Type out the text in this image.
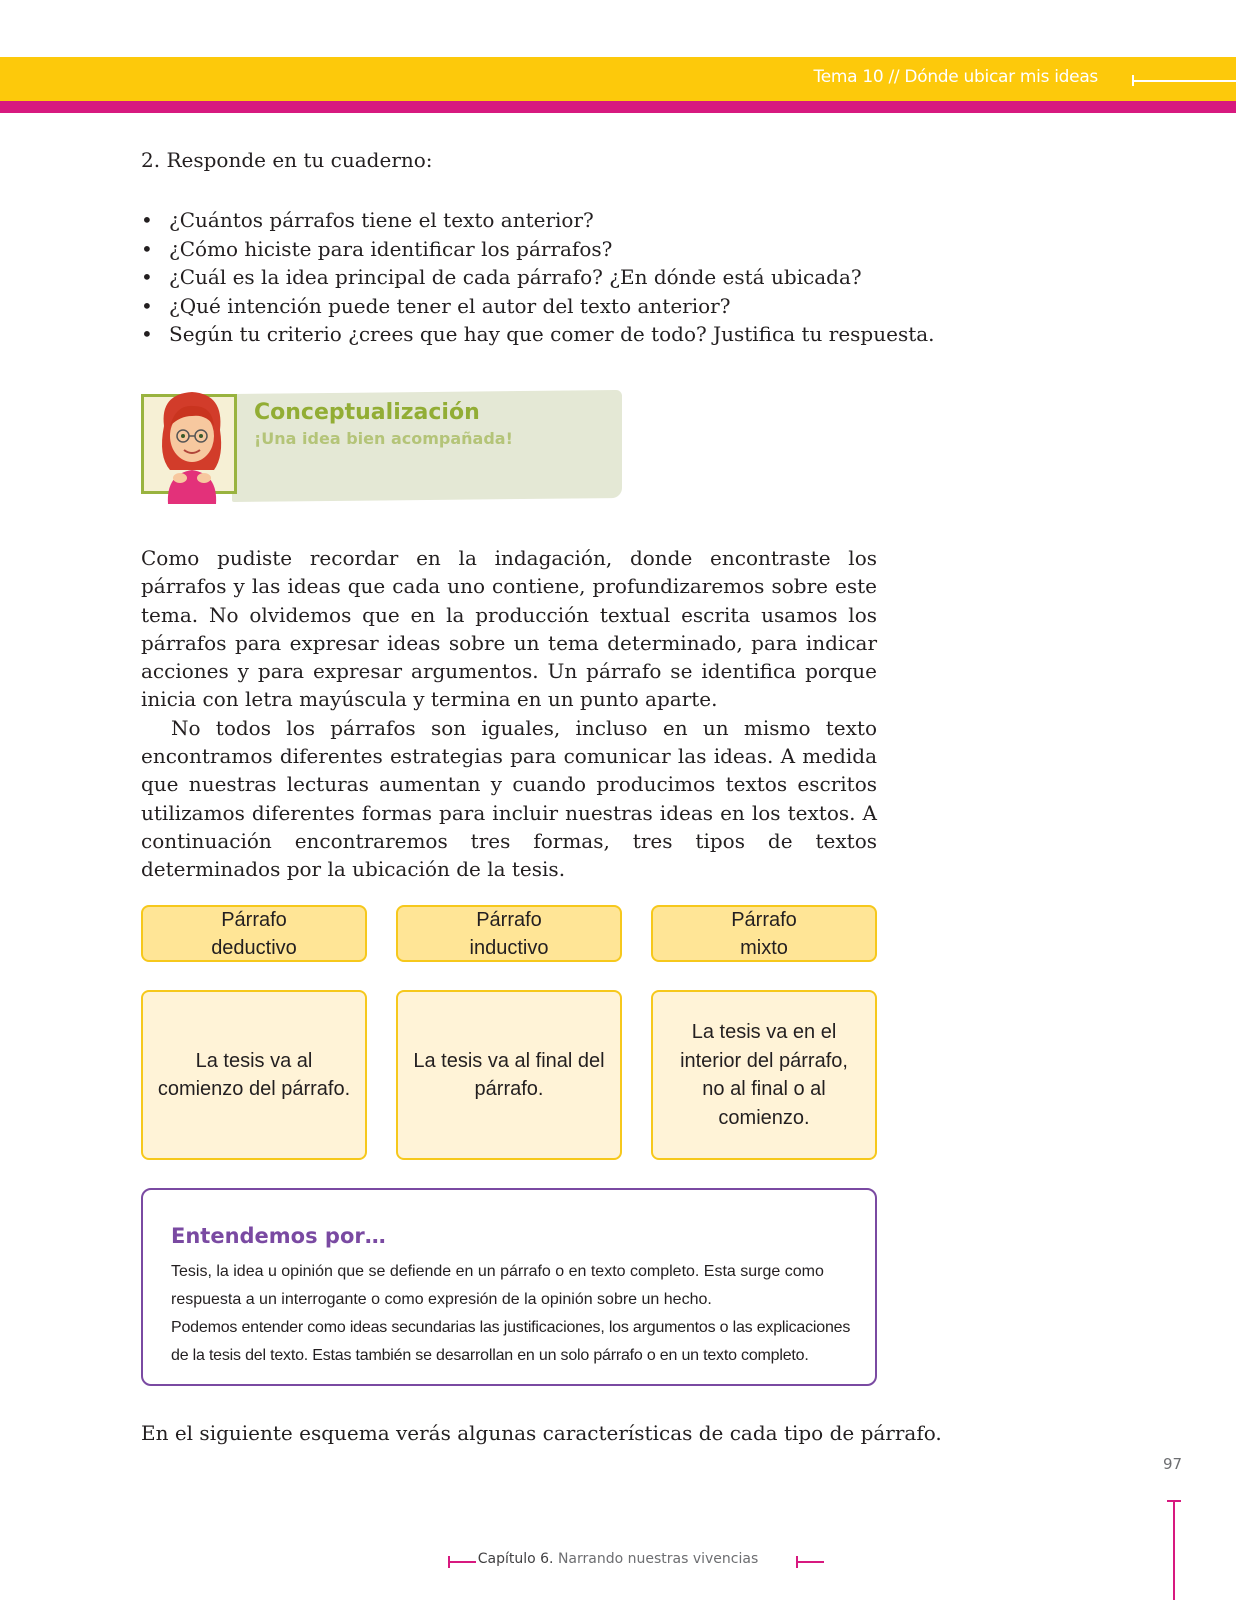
Tema 10 // Dónde ubicar mis ideas
2. Responde en tu cuaderno:
• ¿Cuántos párrafos tiene el texto anterior?
• ¿Cómo hiciste para identificar los párrafos?
• ¿Cuál es la idea principal de cada párrafo? ¿En dónde está ubicada?
• ¿Qué intención puede tener el autor del texto anterior?
• Según tu criterio ¿crees que hay que comer de todo? Justifica tu respuesta.
Conceptualización
¡Una idea bien acompañada!

Como pudiste recordar en la indagación, donde encontraste los párrafos y las ideas que cada uno contiene, profundizaremos sobre este tema. No olvidemos que en la producción textual escrita usamos los párrafos para expresar ideas sobre un tema determinado, para indicar acciones y para expresar argumentos. Un párrafo se identifica porque inicia con letra mayúscula y termina en un punto aparte.

No todos los párrafos son iguales, incluso en un mismo texto encontramos diferentes estrategias para comunicar las ideas. A medida que nuestras lecturas aumentan y cuando producimos textos escritos utilizamos diferentes formas para incluir nuestras ideas en los textos. A continuación encontraremos tres formas, tres tipos de textos determinados por la ubicación de la tesis.

Párrafo
deductivo
Párrafo
inductivo
Párrafo
mixto
La tesis va al comienzo del párrafo.
La tesis va al final del párrafo.
La tesis va en el interior del párrafo, no al final o al comienzo.
Entendemos por…

Tesis, la idea u opinión que se defiende en un párrafo o en texto completo. Esta surge como respuesta a un interrogante o como expresión de la opinión sobre un hecho.

Podemos entender como ideas secundarias las justificaciones, los argumentos o las explicaciones de la tesis del texto. Estas también se desarrollan en un solo párrafo o en un texto completo.

En el siguiente esquema verás algunas características de cada tipo de párrafo.
97
Capítulo 6. Narrando nuestras vivencias
